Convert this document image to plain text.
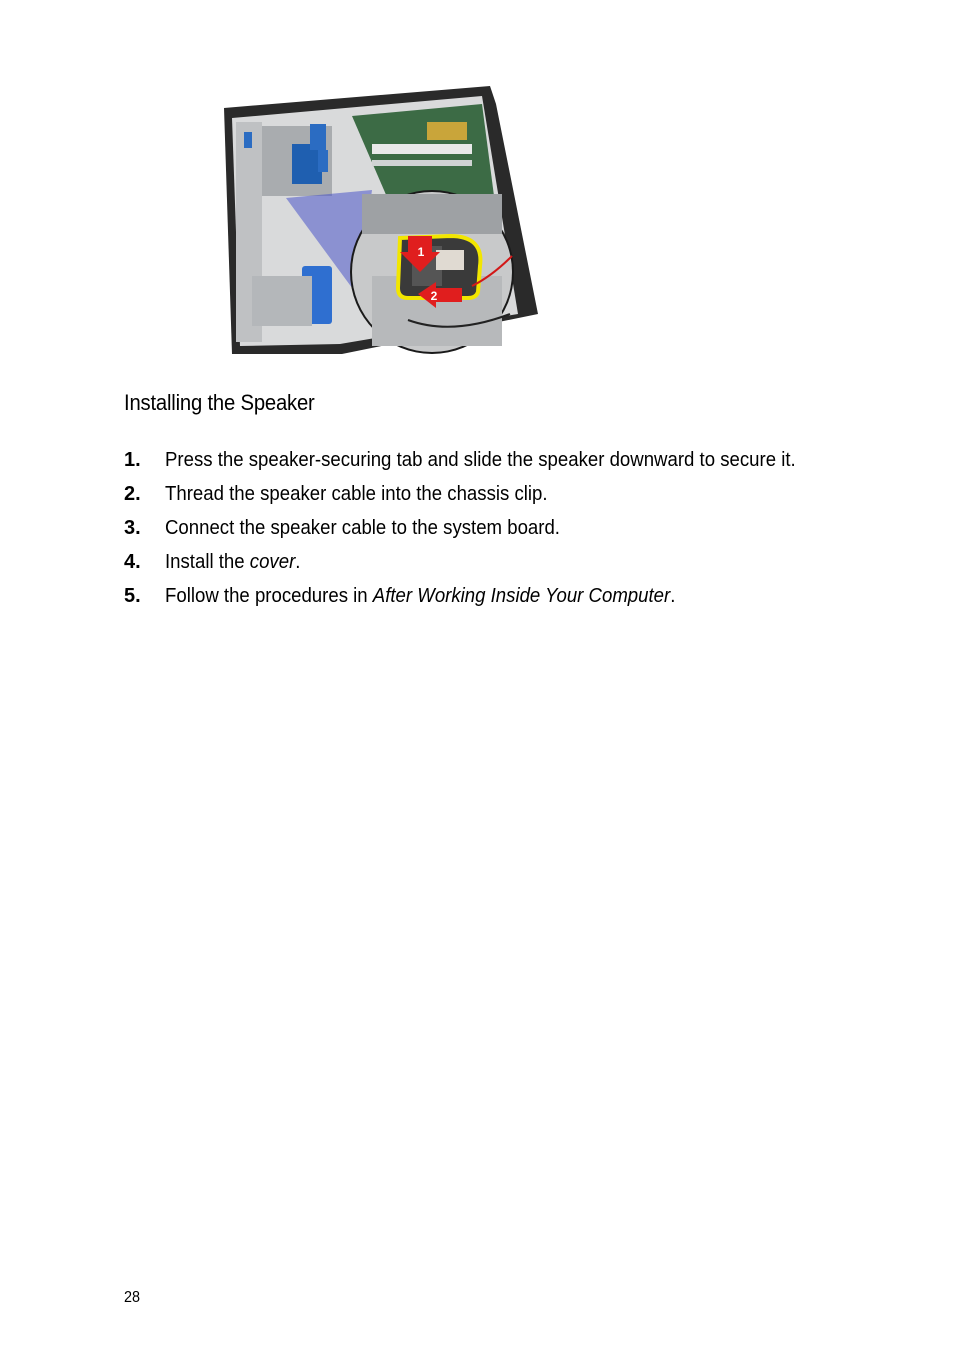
1
2
Installing the Speaker
1. Press the speaker-securing tab and slide the speaker downward to secure it.
2. Thread the speaker cable into the chassis clip.
3. Connect the speaker cable to the system board.
4. Install the cover.
5. Follow the procedures in After Working Inside Your Computer.
28
